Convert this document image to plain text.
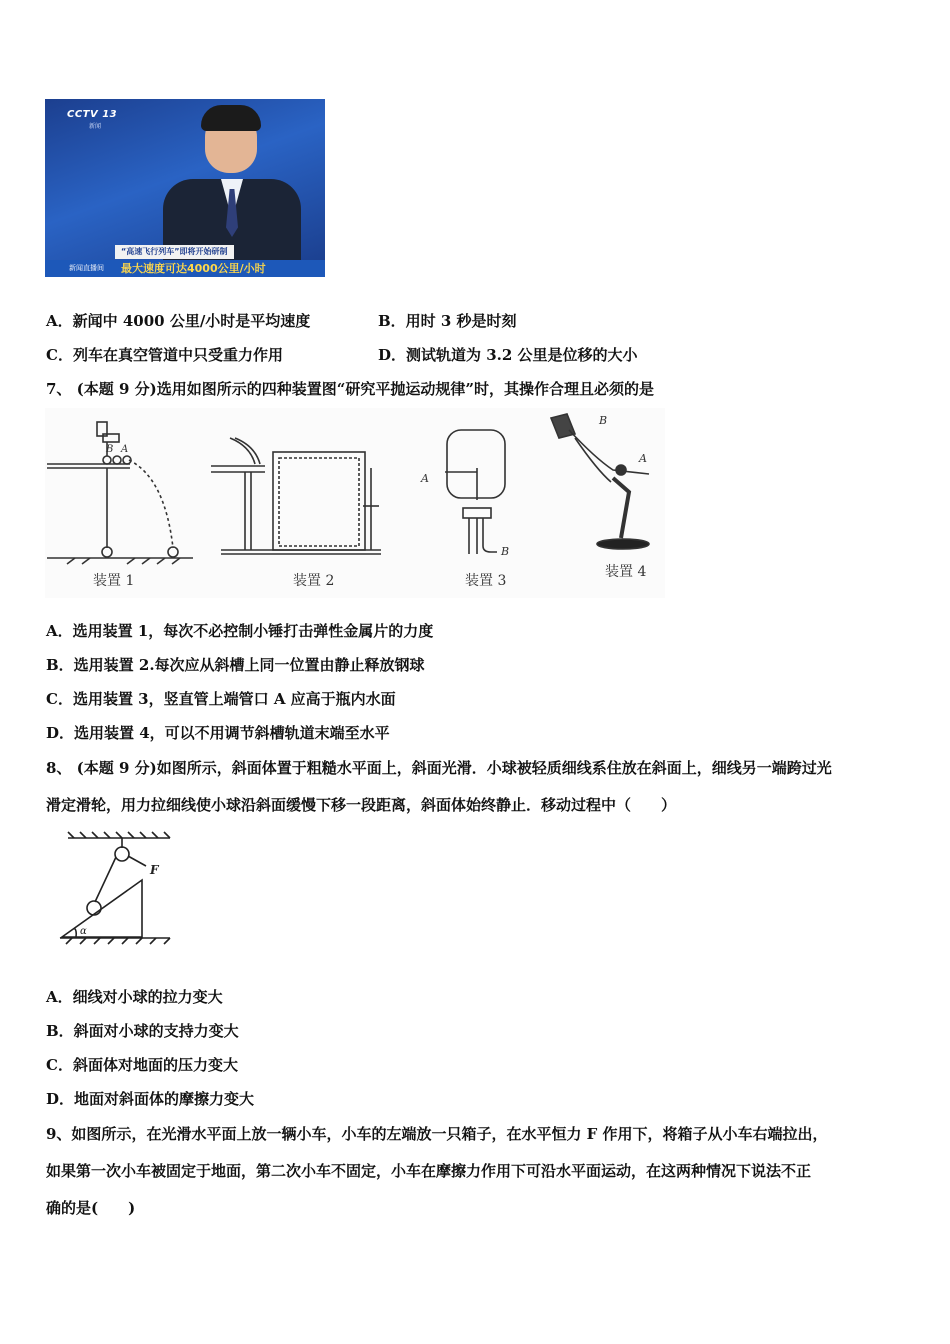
CCTV 13
新闻
“高速飞行列车”即将开始研制
新闻直播间 最大速度可达4000公里/小时
A．新闻中 4000 公里/小时是平均速度	B．用时 3 秒是时刻
C．列车在真空管道中只受重力作用	D．测试轨道为 3.2 公里是位移的大小
7、 (本题 9 分)选用如图所示的四种装置图“研究平抛运动规律”时，其操作合理且必须的是
B A
装置 1	装置 2
A
B
装置 3
B
A
装置 4
A．选用装置 1，每次不必控制小锤打击弹性金属片的力度
B．选用装置 2.每次应从斜槽上同一位置由静止释放钢球
C．选用装置 3，竖直管上端管口 A 应高于瓶内水面
D．选用装置 4，可以不用调节斜槽轨道末端至水平
8、 (本题 9 分)如图所示，斜面体置于粗糙水平面上，斜面光滑．小球被轻质细线系住放在斜面上，细线另一端跨过光
滑定滑轮，用力拉细线使小球沿斜面缓慢下移一段距离，斜面体始终静止．移动过程中（　　）
F
α
A．细线对小球的拉力变大
B．斜面对小球的支持力变大
C．斜面体对地面的压力变大
D．地面对斜面体的摩擦力变大
9、如图所示，在光滑水平面上放一辆小车，小车的左端放一只箱子，在水平恒力 F 作用下，将箱子从小车右端拉出，
如果第一次小车被固定于地面，第二次小车不固定，小车在摩擦力作用下可沿水平面运动，在这两种情况下说法不正
确的是(　　)
